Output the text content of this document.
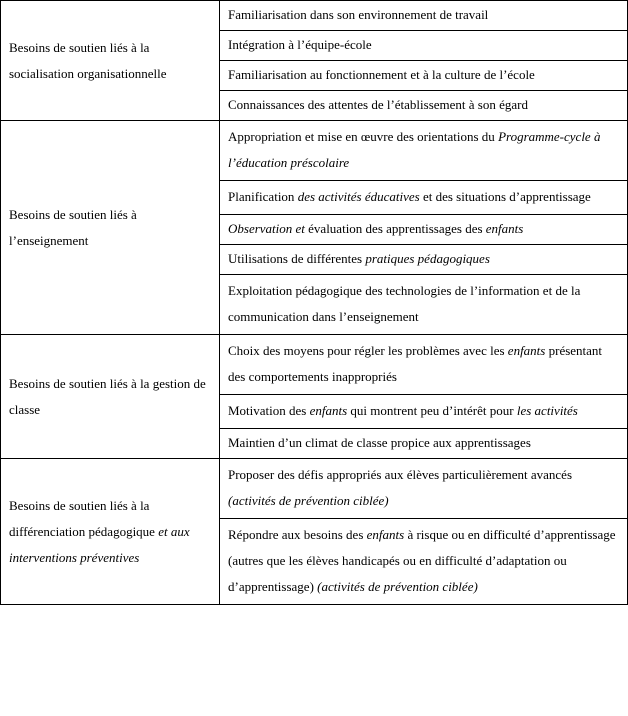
Besoins de soutien liés à la socialisation organisationnelle	Familiarisation dans son environnement de travail
	Intégration à l’équipe-école
	Familiarisation au fonctionnement et à la culture de l’école
	Connaissances des attentes de l’établissement à son égard
Besoins de soutien liés à l’enseignement	Appropriation et mise en œuvre des orientations du Programme-cycle à l’éducation préscolaire
	Planification des activités éducatives et des situations d’apprentissage
	Observation et évaluation des apprentissages des enfants
	Utilisations de différentes pratiques pédagogiques
	Exploitation pédagogique des technologies de l’information et de la communication dans l’enseignement
Besoins de soutien liés à la gestion de classe	Choix des moyens pour régler les problèmes avec les enfants présentant des comportements inappropriés
	Motivation des enfants qui montrent peu d’intérêt pour les activités
	Maintien d’un climat de classe propice aux apprentissages
Besoins de soutien liés à la différenciation pédagogique et aux interventions préventives	Proposer des défis appropriés aux élèves particulièrement avancés (activités de prévention ciblée)
	Répondre aux besoins des enfants à risque ou en difficulté d’apprentissage (autres que les élèves handicapés ou en difficulté d’adaptation ou d’apprentissage) (activités de prévention ciblée)
